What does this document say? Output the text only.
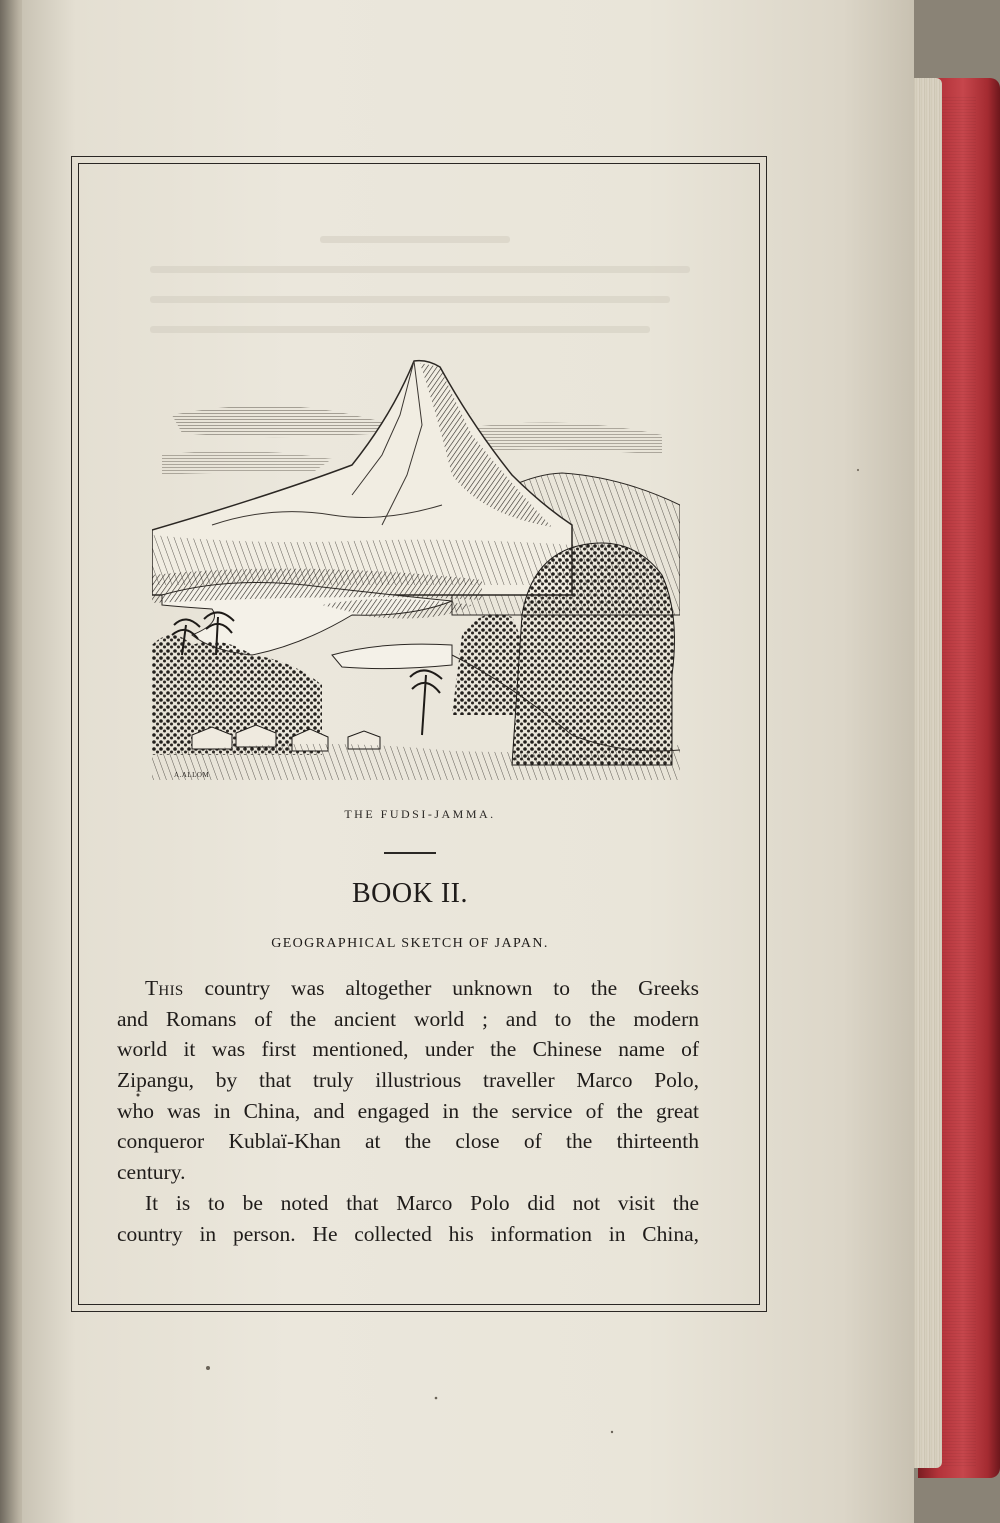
A.ALLOM
THE FUDSI-JAMMA.
BOOK II.
GEOGRAPHICAL SKETCH OF JAPAN.
This country was altogether unknown to the Greeks
and Romans of the ancient world ; and to the modern
world it was first mentioned, under the Chinese name of
Zipangu, by that truly illustrious traveller Marco Polo,
who was in China, and engaged in the service of the great
conqueror Kublaï-Khan at the close of the thirteenth
century.
It is to be noted that Marco Polo did not visit the
country in person. He collected his information in China,
